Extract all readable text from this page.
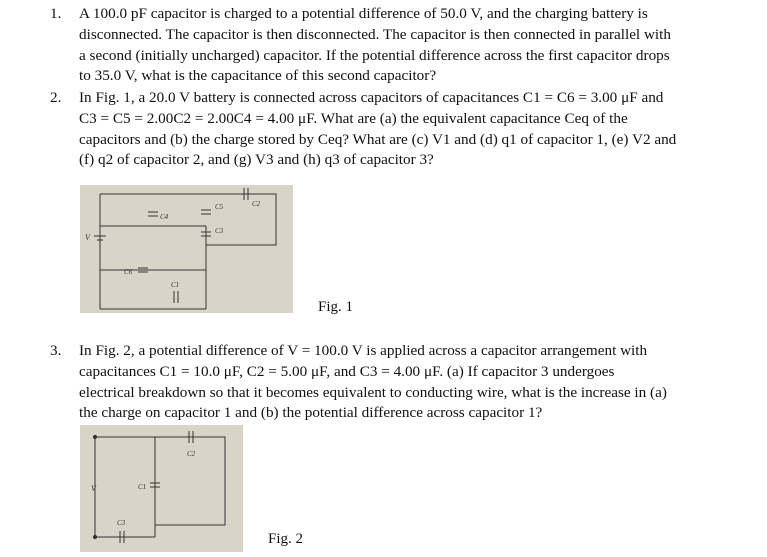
1.	A 100.0 pF capacitor is charged to a potential difference of 50.0 V, and the charging battery is
disconnected. The capacitor is then disconnected. The capacitor is then connected in parallel with
a second (initially uncharged) capacitor. If the potential difference across the first capacitor drops
to 35.0 V, what is the capacitance of this second capacitor?
2.	In Fig. 1, a 20.0 V battery is connected across capacitors of capacitances C1 = C6 = 3.00 μF and
C3 = C5 = 2.00C2 = 2.00C4 = 4.00 μF. What are (a) the equivalent capacitance Ceq of the
capacitors and (b) the charge stored by Ceq? What are (c) V1 and (d) q1 of capacitor 1, (e) V2 and
(f) q2 of capacitor 2, and (g) V3 and (h) q3 of capacitor 3?
V
C2
C5
C3
C4
C6
C1
Fig. 1
3.	In Fig. 2, a potential difference of V = 100.0 V is applied across a capacitor arrangement with
capacitances C1 = 10.0 μF, C2 = 5.00 μF, and C3 = 4.00 μF. (a) If capacitor 3 undergoes
electrical breakdown so that it becomes equivalent to conducting wire, what is the increase in (a)
the charge on capacitor 1 and (b) the potential difference across capacitor 1?
V
C2
C1
C3
Fig. 2
